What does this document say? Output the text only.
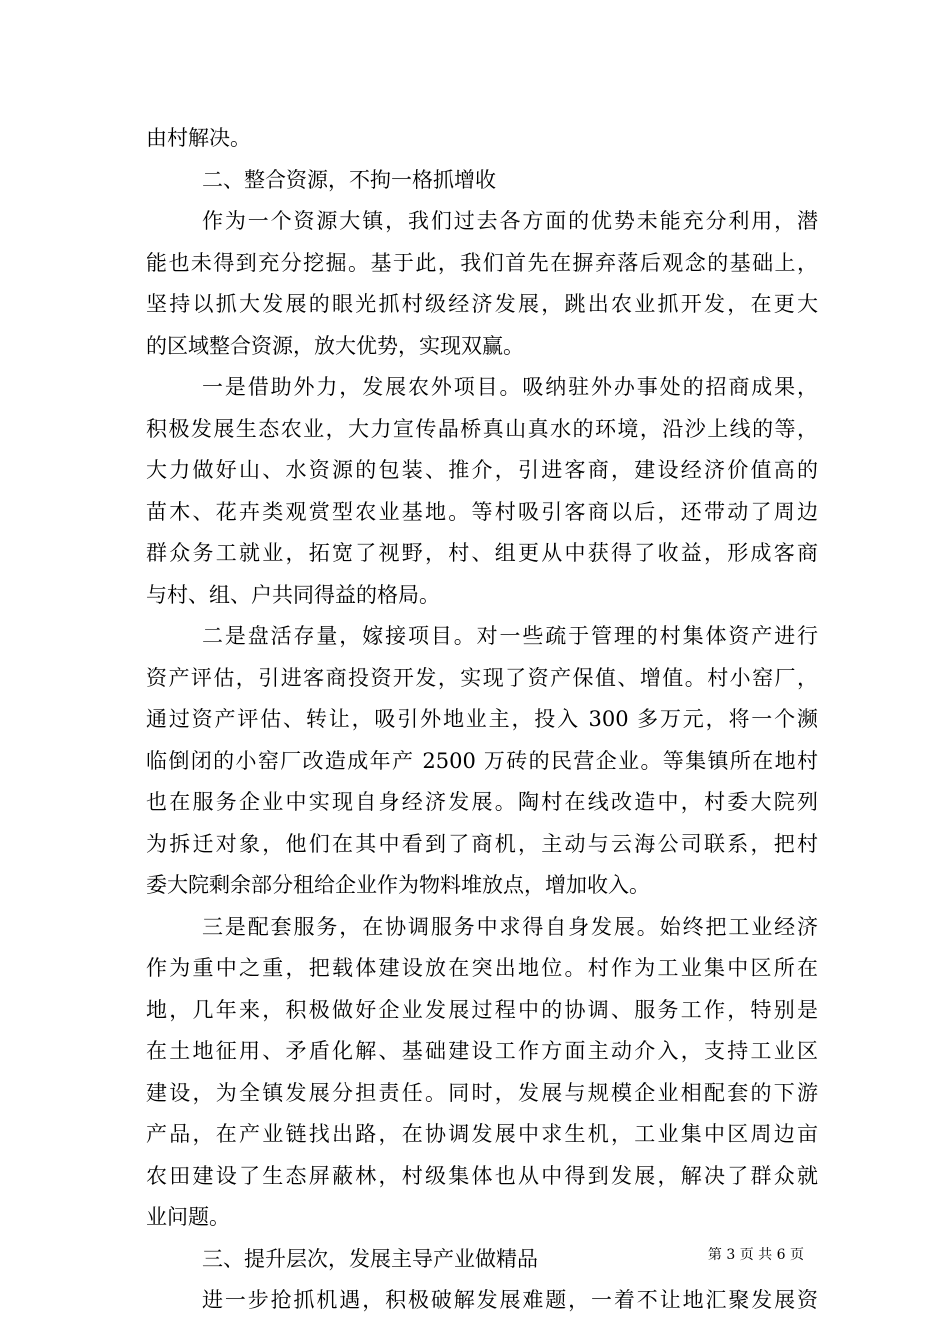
由村解决。
二、整合资源，不拘一格抓增收
作为一个资源大镇，我们过去各方面的优势未能充分利用，潜
能也未得到充分挖掘。基于此，我们首先在摒弃落后观念的基础上，
坚持以抓大发展的眼光抓村级经济发展，跳出农业抓开发，在更大
的区域整合资源，放大优势，实现双赢。
一是借助外力，发展农外项目。吸纳驻外办事处的招商成果，
积极发展生态农业，大力宣传晶桥真山真水的环境，沿沙上线的等，
大力做好山、水资源的包装、推介，引进客商，建设经济价值高的
苗木、花卉类观赏型农业基地。等村吸引客商以后，还带动了周边
群众务工就业，拓宽了视野，村、组更从中获得了收益，形成客商
与村、组、户共同得益的格局。
二是盘活存量，嫁接项目。对一些疏于管理的村集体资产进行
资产评估，引进客商投资开发，实现了资产保值、增值。村小窑厂，
通过资产评估、转让，吸引外地业主，投入 300 多万元，将一个濒
临倒闭的小窑厂改造成年产 2500 万砖的民营企业。等集镇所在地村
也在服务企业中实现自身经济发展。陶村在线改造中，村委大院列
为拆迁对象，他们在其中看到了商机，主动与云海公司联系，把村
委大院剩余部分租给企业作为物料堆放点，增加收入。
三是配套服务，在协调服务中求得自身发展。始终把工业经济
作为重中之重，把载体建设放在突出地位。村作为工业集中区所在
地，几年来，积极做好企业发展过程中的协调、服务工作，特别是
在土地征用、矛盾化解、基础建设工作方面主动介入，支持工业区
建设，为全镇发展分担责任。同时，发展与规模企业相配套的下游
产品，在产业链找出路，在协调发展中求生机，工业集中区周边亩
农田建设了生态屏蔽林，村级集体也从中得到发展，解决了群众就
业问题。
三、提升层次，发展主导产业做精品
进一步抢抓机遇，积极破解发展难题，一着不让地汇聚发展资
第 3 页 共 6 页
